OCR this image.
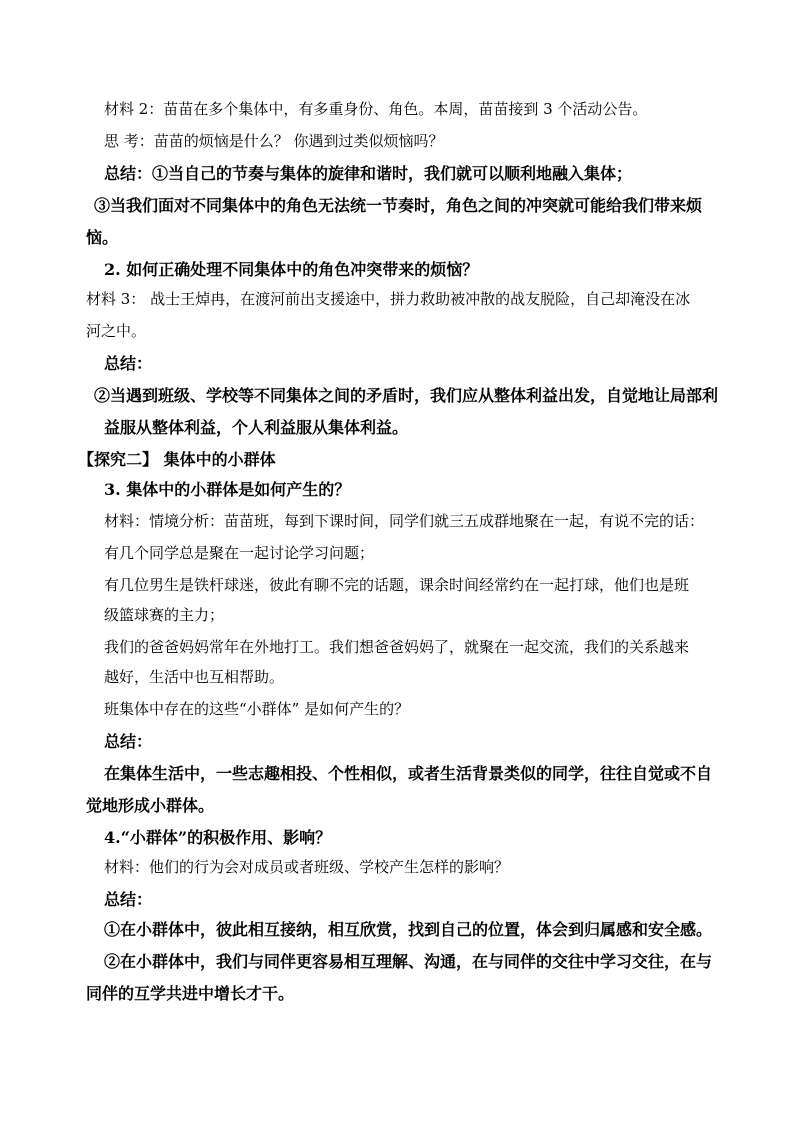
材料 2：苗苗在多个集体中，有多重身份、角色。本周，苗苗接到 3 个活动公告。
思 考：苗苗的烦恼是什么？ 你遇到过类似烦恼吗？
总结：①当自己的节奏与集体的旋律和谐时，我们就可以顺利地融入集体；
③当我们面对不同集体中的角色无法统一节奏时，角色之间的冲突就可能给我们带来烦
恼。
2. 如何正确处理不同集体中的角色冲突带来的烦恼？
材料 3： 战士王焯冉，在渡河前出支援途中，拼力救助被冲散的战友脱险，自己却淹没在冰
河之中。
总结：
②当遇到班级、学校等不同集体之间的矛盾时，我们应从整体利益出发，自觉地让局部利
益服从整体利益，个人利益服从集体利益。
【探究二】 集体中的小群体
3. 集体中的小群体是如何产生的？
材料：情境分析：苗苗班，每到下课时间，同学们就三五成群地聚在一起，有说不完的话：
有几个同学总是聚在一起讨论学习问题；
有几位男生是铁杆球迷，彼此有聊不完的话题，课余时间经常约在一起打球，他们也是班
级篮球赛的主力；
我们的爸爸妈妈常年在外地打工。我们想爸爸妈妈了，就聚在一起交流，我们的关系越来
越好，生活中也互相帮助。
班集体中存在的这些“小群体” 是如何产生的？
总结：
在集体生活中，一些志趣相投、个性相似，或者生活背景类似的同学，往往自觉或不自
觉地形成小群体。
4.“小群体”的积极作用、影响？
材料：他们的行为会对成员或者班级、学校产生怎样的影响？
总结：
①在小群体中，彼此相互接纳，相互欣赏，找到自己的位置，体会到归属感和安全感。
②在小群体中，我们与同伴更容易相互理解、沟通，在与同伴的交往中学习交往，在与
同伴的互学共进中增长才干。
